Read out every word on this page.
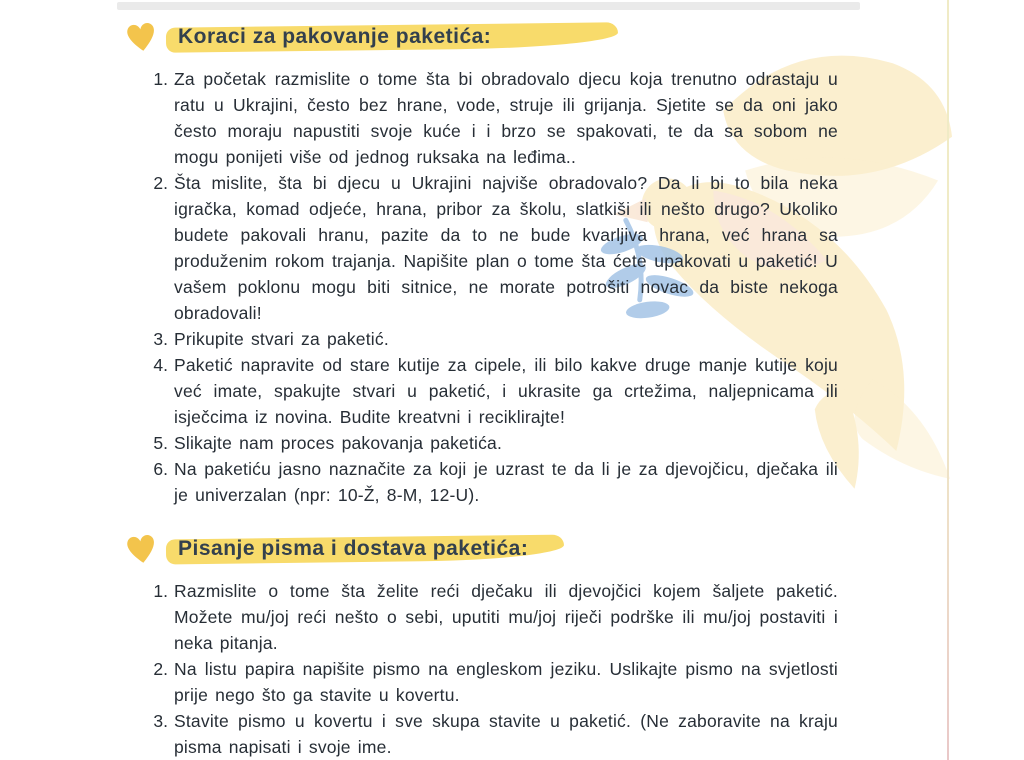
Koraci za pakovanje paketića:
1. Za početak razmislite o tome šta bi obradovalo djecu koja trenutno odrastaju u ratu u Ukrajini, često bez hrane, vode, struje ili grijanja. Sjetite se da oni jako često moraju napustiti svoje kuće i i brzo se spakovati, te da sa sobom ne mogu ponijeti više od jednog ruksaka na leđima..
2. Šta mislite, šta bi djecu u Ukrajini najviše obradovalo? Da li bi to bila neka igračka, komad odjeće, hrana, pribor za školu, slatkiši ili nešto drugo? Ukoliko budete pakovali hranu, pazite da to ne bude kvarljiva hrana, već hrana sa produženim rokom trajanja. Napišite plan o tome šta ćete upakovati u paketić! U vašem poklonu mogu biti sitnice, ne morate potrošiti novac da biste nekoga obradovali!
3. Prikupite stvari za paketić.
4. Paketić napravite od stare kutije za cipele, ili bilo kakve druge manje kutije koju već imate, spakujte stvari u paketić, i ukrasite ga crtežima, naljepnicama ili isječcima iz novina. Budite kreatvni i reciklirajte!
5. Slikajte nam proces pakovanja paketića.
6. Na paketiću jasno naznačite za koji je uzrast te da li je za djevojčicu, dječaka ili je univerzalan (npr: 10-Ž, 8-M, 12-U).
Pisanje pisma i dostava paketića:
1. Razmislite o tome šta želite reći dječaku ili djevojčici kojem šaljete paketić. Možete mu/joj reći nešto o sebi, uputiti mu/joj riječi podrške ili mu/joj postaviti i neka pitanja.
2. Na listu papira napišite pismo na engleskom jeziku. Uslikajte pismo na svjetlosti prije nego što ga stavite u kovertu.
3. Stavite pismo u kovertu i sve skupa stavite u paketić. (Ne zaboravite na kraju pisma napisati i svoje ime.
